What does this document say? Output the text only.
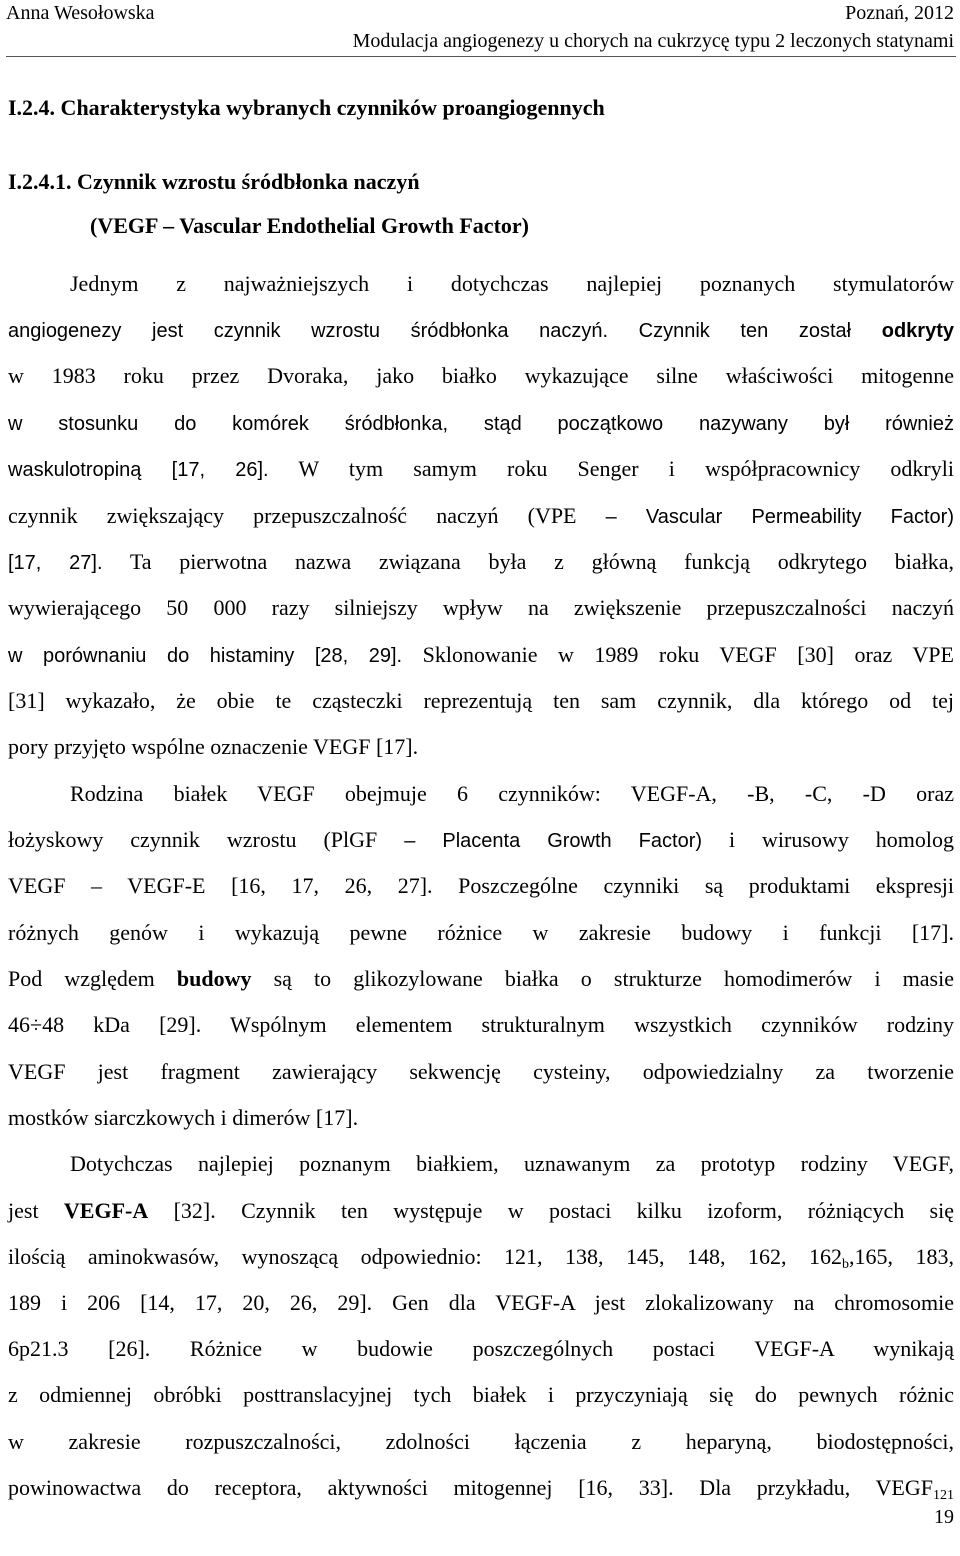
Anna Wesołowska	Poznań, 2012
Modulacja angiogenezy u chorych na cukrzycę typu 2 leczonych statynami
I.2.4. Charakterystyka wybranych czynników proangiogennych
I.2.4.1. Czynnik wzrostu śródbłonka naczyń
(VEGF ‒ Vascular Endothelial Growth Factor)
Jednym z najważniejszych i dotychczas najlepiej poznanych stymulatorów
angiogenezy jest czynnik wzrostu śródbłonka naczyń. Czynnik ten został odkryty
w 1983 roku przez Dvoraka, jako białko wykazujące silne właściwości mitogenne
w stosunku do komórek śródbłonka, stąd początkowo nazywany był również
waskulotropiną [17, 26]. W tym samym roku Senger i współpracownicy odkryli
czynnik zwiększający przepuszczalność naczyń (VPE ‒ Vascular Permeability Factor)
[17, 27]. Ta pierwotna nazwa związana była z główną funkcją odkrytego białka,
wywierającego 50 000 razy silniejszy wpływ na zwiększenie przepuszczalności naczyń
w porównaniu do histaminy [28, 29]. Sklonowanie w 1989 roku VEGF [30] oraz VPE
[31] wykazało, że obie te cząsteczki reprezentują ten sam czynnik, dla którego od tej
pory przyjęto wspólne oznaczenie VEGF [17].
Rodzina białek VEGF obejmuje 6 czynników: VEGF-A, -B, -C, -D oraz
łożyskowy czynnik wzrostu (PlGF ‒ Placenta Growth Factor) i wirusowy homolog
VEGF ‒ VEGF-E [16, 17, 26, 27]. Poszczególne czynniki są produktami ekspresji
różnych genów i wykazują pewne różnice w zakresie budowy i funkcji [17].
Pod względem budowy są to glikozylowane białka o strukturze homodimerów i masie
46÷48 kDa [29]. Wspólnym elementem strukturalnym wszystkich czynników rodziny
VEGF jest fragment zawierający sekwencję cysteiny, odpowiedzialny za tworzenie
mostków siarczkowych i dimerów [17].
Dotychczas najlepiej poznanym białkiem, uznawanym za prototyp rodziny VEGF,
jest VEGF-A [32]. Czynnik ten występuje w postaci kilku izoform, różniących się
ilością aminokwasów, wynoszącą odpowiednio: 121, 138, 145, 148, 162, $162_b,165$, 183,
189 i 206 [14, 17, 20, 26, 29]. Gen dla VEGF-A jest zlokalizowany na chromosomie
6p21.3 [26]. Różnice w budowie poszczególnych postaci VEGF-A wynikają
z odmiennej obróbki posttranslacyjnej tych białek i przyczyniają się do pewnych różnic
w zakresie rozpuszczalności, zdolności łączenia z heparyną, biodostępności,
powinowactwa do receptora, aktywności mitogennej [16, 33]. Dla przykładu, $VEGF_{121}$
19
